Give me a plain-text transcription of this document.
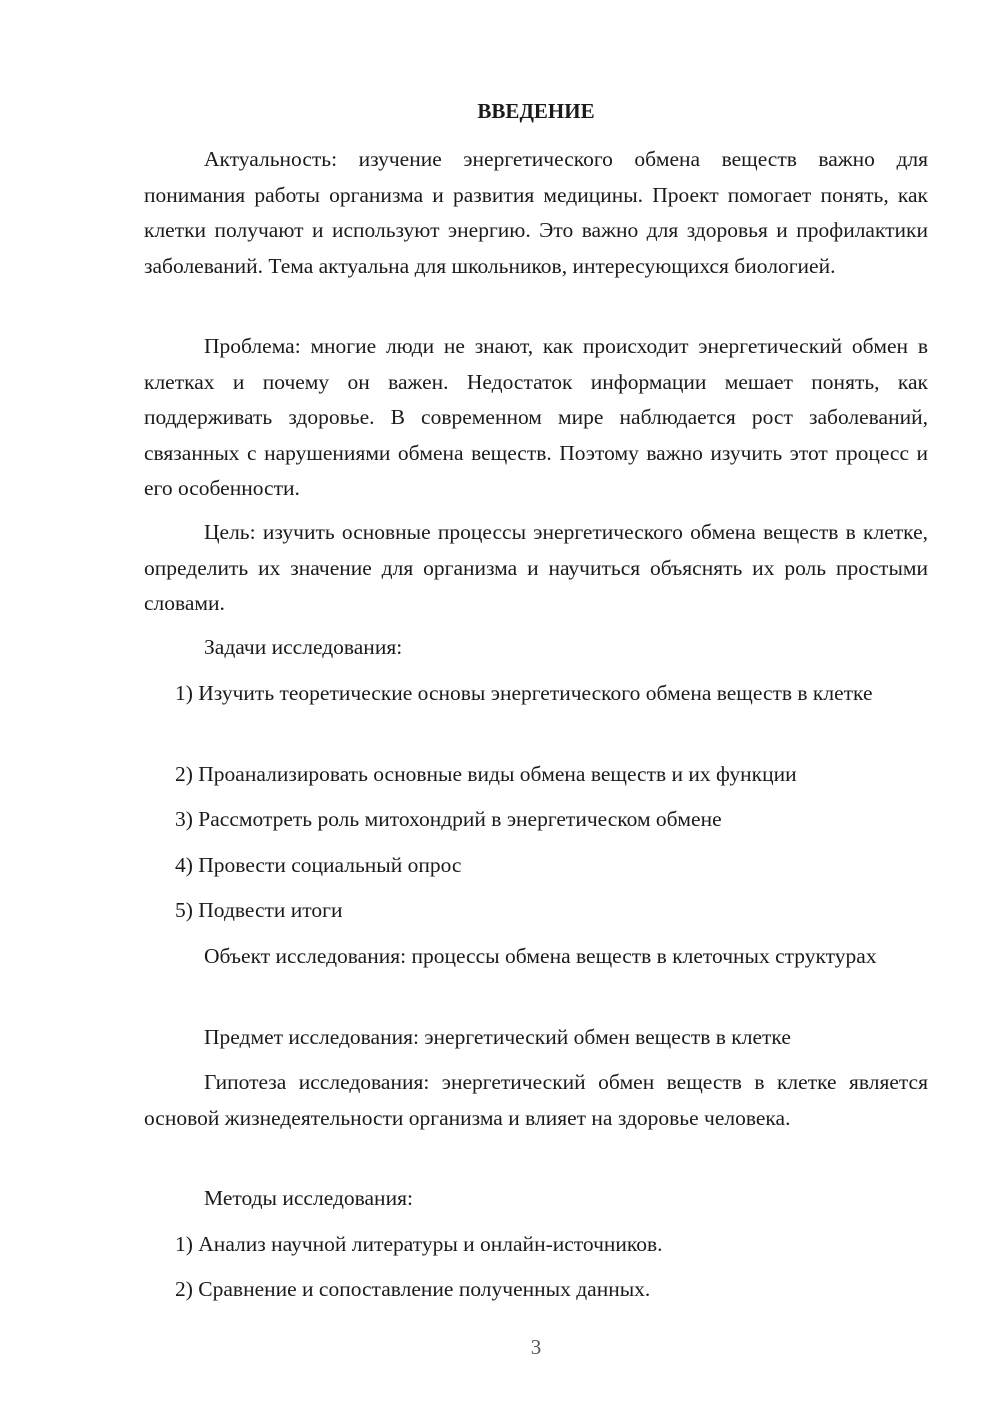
ВВЕДЕНИЕ

Актуальность: изучение энергетического обмена веществ важно для понимания работы организма и развития медицины. Проект помогает понять, как клетки получают и используют энергию. Это важно для здоровья и профилактики заболеваний. Тема актуальна для школьников, интересующихся биологией.

Проблема: многие люди не знают, как происходит энергетический обмен в клетках и почему он важен. Недостаток информации мешает понять, как поддерживать здоровье. В современном мире наблюдается рост заболеваний, связанных с нарушениями обмена веществ. Поэтому важно изучить этот процесс и его особенности.

Цель: изучить основные процессы энергетического обмена веществ в клетке, определить их значение для организма и научиться объяснять их роль простыми словами.

Задачи исследования:

1) Изучить теоретические основы энергетического обмена веществ в клетке

2) Проанализировать основные виды обмена веществ и их функции

3) Рассмотреть роль митохондрий в энергетическом обмене

4) Провести социальный опрос

5) Подвести итоги

Объект исследования: процессы обмена веществ в клеточных структурах

Предмет исследования: энергетический обмен веществ в клетке

Гипотеза исследования: энергетический обмен веществ в клетке является основой жизнедеятельности организма и влияет на здоровье человека.

Методы исследования:

1) Анализ научной литературы и онлайн-источников.

2) Сравнение и сопоставление полученных данных.

3
